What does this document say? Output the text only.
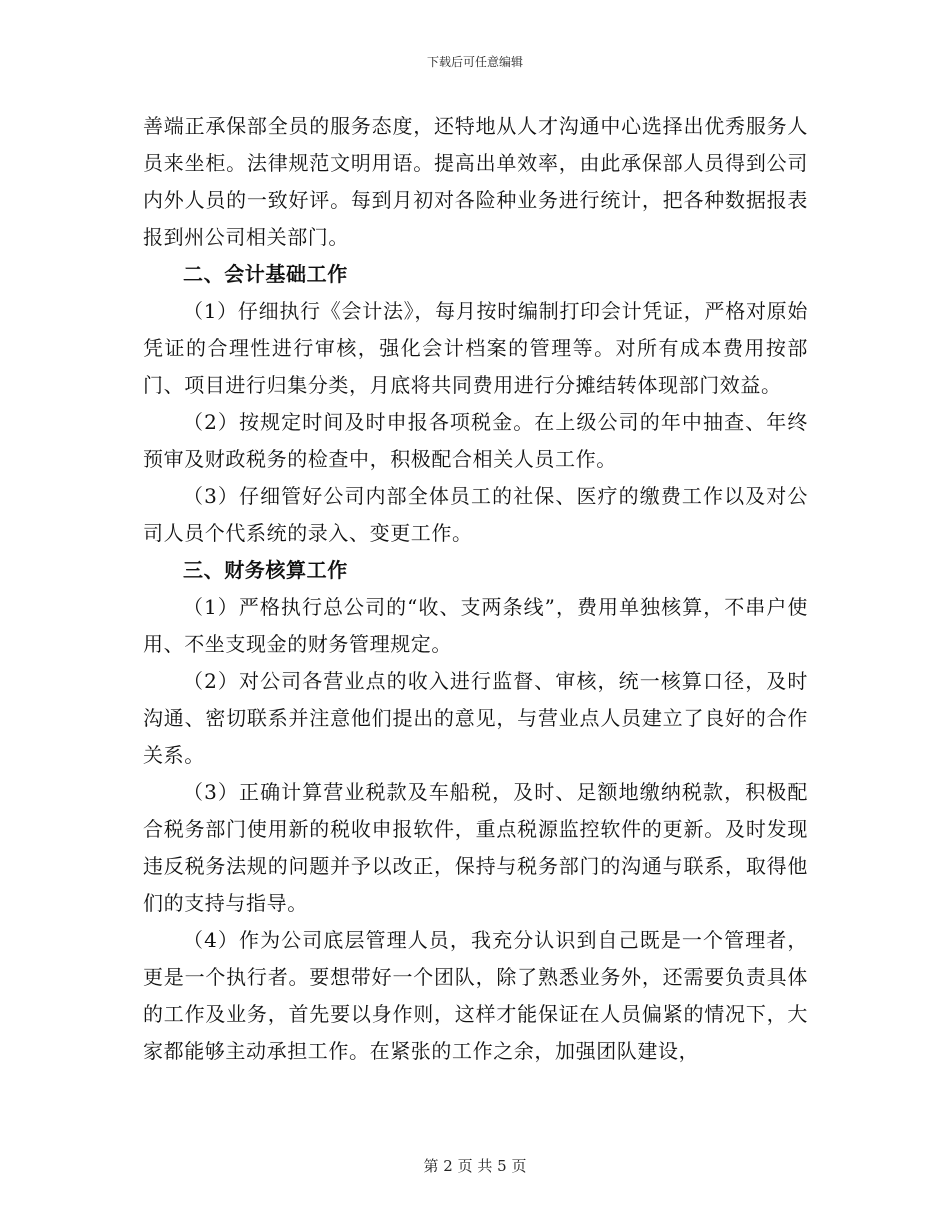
下载后可任意编辑

善端正承保部全员的服务态度，还特地从人才沟通中心选择出优秀服务人员来坐柜。法律规范文明用语。提高出单效率，由此承保部人员得到公司内外人员的一致好评。每到月初对各险种业务进行统计，把各种数据报表报到州公司相关部门。

二、会计基础工作

（1）仔细执行《会计法》，每月按时编制打印会计凭证，严格对原始凭证的合理性进行审核，强化会计档案的管理等。对所有成本费用按部门、项目进行归集分类，月底将共同费用进行分摊结转体现部门效益。

（2）按规定时间及时申报各项税金。在上级公司的年中抽查、年终预审及财政税务的检查中，积极配合相关人员工作。

（3）仔细管好公司内部全体员工的社保、医疗的缴费工作以及对公司人员个代系统的录入、变更工作。

三、财务核算工作

（1）严格执行总公司的“收、支两条线”，费用单独核算，不串户使用、不坐支现金的财务管理规定。

（2）对公司各营业点的收入进行监督、审核，统一核算口径，及时沟通、密切联系并注意他们提出的意见，与营业点人员建立了良好的合作关系。

（3）正确计算营业税款及车船税，及时、足额地缴纳税款，积极配合税务部门使用新的税收申报软件，重点税源监控软件的更新。及时发现违反税务法规的问题并予以改正，保持与税务部门的沟通与联系，取得他们的支持与指导。

（4）作为公司底层管理人员，我充分认识到自己既是一个管理者，更是一个执行者。要想带好一个团队，除了熟悉业务外，还需要负责具体的工作及业务，首先要以身作则，这样才能保证在人员偏紧的情况下，大家都能够主动承担工作。在紧张的工作之余，加强团队建设，

第 2 页 共 5 页
